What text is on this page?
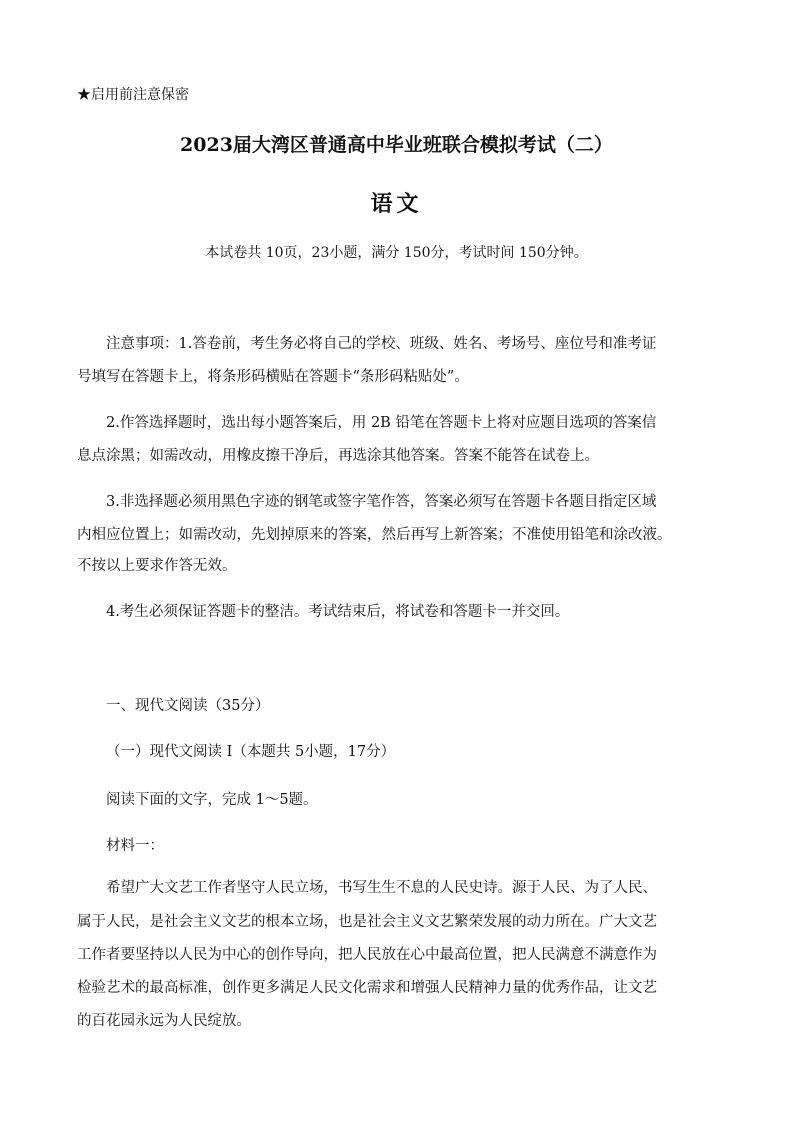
★启用前注意保密

2023届大湾区普通高中毕业班联合模拟考试（二）

语文

本试卷共 10页，23小题，满分 150分，考试时间 150分钟。

注意事项：1.答卷前，考生务必将自己的学校、班级、姓名、考场号、座位号和准考证

号填写在答题卡上，将条形码横贴在答题卡“条形码粘贴处”。

2.作答选择题时，选出每小题答案后，用 2B 铅笔在答题卡上将对应题目选项的答案信

息点涂黑；如需改动，用橡皮擦干净后，再选涂其他答案。答案不能答在试卷上。

3.非选择题必须用黑色字迹的钢笔或签字笔作答，答案必须写在答题卡各题目指定区域

内相应位置上；如需改动，先划掉原来的答案，然后再写上新答案；不准使用铅笔和涂改液。

不按以上要求作答无效。

4.考生必须保证答题卡的整洁。考试结束后，将试卷和答题卡一并交回。

一、现代文阅读（35分）

（一）现代文阅读 I（本题共 5小题，17分）

阅读下面的文字，完成 1～5题。

材料一：

希望广大文艺工作者坚守人民立场，书写生生不息的人民史诗。源于人民、为了人民、

属于人民，是社会主义文艺的根本立场，也是社会主义文艺繁荣发展的动力所在。广大文艺

工作者要坚持以人民为中心的创作导向，把人民放在心中最高位置，把人民满意不满意作为

检验艺术的最高标准，创作更多满足人民文化需求和增强人民精神力量的优秀作品，让文艺

的百花园永远为人民绽放。
